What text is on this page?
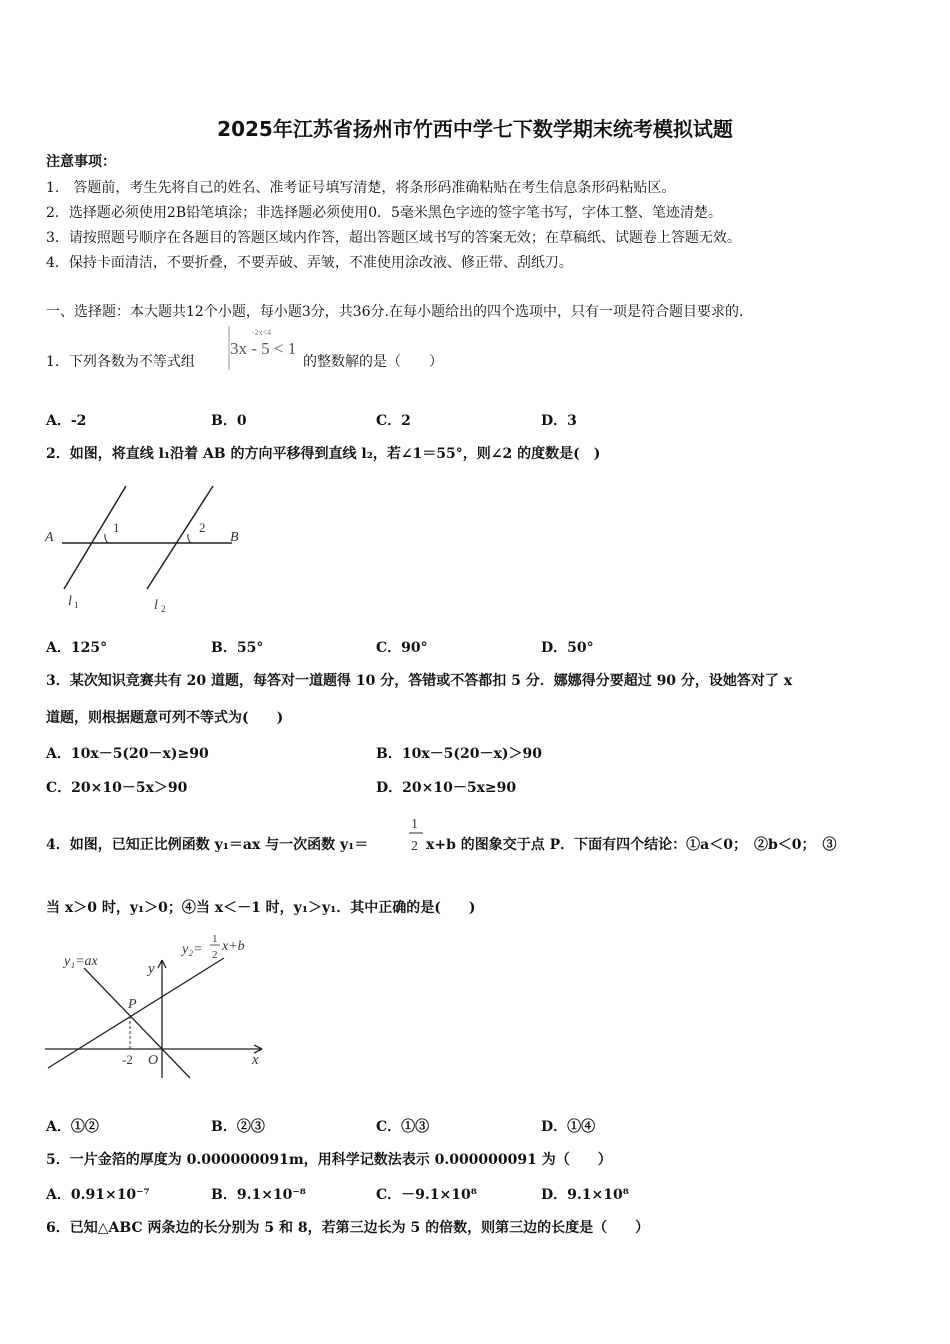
2025年江苏省扬州市竹西中学七下数学期末统考模拟试题
注意事项：
1.　答题前，考生先将自己的姓名、准考证号填写清楚，将条形码准确粘贴在考生信息条形码粘贴区。
2．选择题必须使用2B铅笔填涂；非选择题必须使用0．5毫米黑色字迹的签字笔书写，字体工整、笔迹清楚。
3．请按照题号顺序在各题目的答题区域内作答，超出答题区域书写的答案无效；在草稿纸、试题卷上答题无效。
4．保持卡面清洁，不要折叠，不要弄破、弄皱，不准使用涂改液、修正带、刮纸刀。
一、选择题：本大题共12个小题，每小题3分，共36分.在每小题给出的四个选项中，只有一项是符合题目要求的.
1．下列各数为不等式组
-2x<4
3x - 5 < 1
的整数解的是（　　）
A．-2	B．0	C．2	D．3
2．如图，将直线 l₁沿着 AB 的方向平移得到直线 l₂，若∠1＝55°，则∠2 的度数是(　)
A	B
1	2
l 1	l 2
A．125°	B．55°	C．90°	D．50°
3．某次知识竞赛共有 20 道题，每答对一道题得 10 分，答错或不答都扣 5 分．娜娜得分要超过 90 分，设她答对了 x
道题，则根据题意可列不等式为(　　)
A．10x－5(20－x)≥90	B．10x－5(20－x)＞90
C．20×10－5x＞90	D．20×10－5x≥90
4．如图，已知正比例函数 y₁＝ax 与一次函数 y₁＝
1
2 x+b 的图象交于点 P．下面有四个结论：①a＜0；　②b＜0；　③
当 x＞0 时，y₁＞0；④当 x＜－1 时，y₁＞y₁．其中正确的是(　　)
y₁=ax
y₂=
1
2
x+b
y
x
P
O
-2
A．①②	B．②③	C．①③	D．①④
5．一片金箔的厚度为 0.000000091m，用科学记数法表示 0.000000091 为（　　）
A．0.91×10⁻⁷	B．9.1×10⁻⁸	C．－9.1×10⁸	D．9.1×10⁸
6．已知△ABC 两条边的长分别为 5 和 8，若第三边长为 5 的倍数，则第三边的长度是（　　）
